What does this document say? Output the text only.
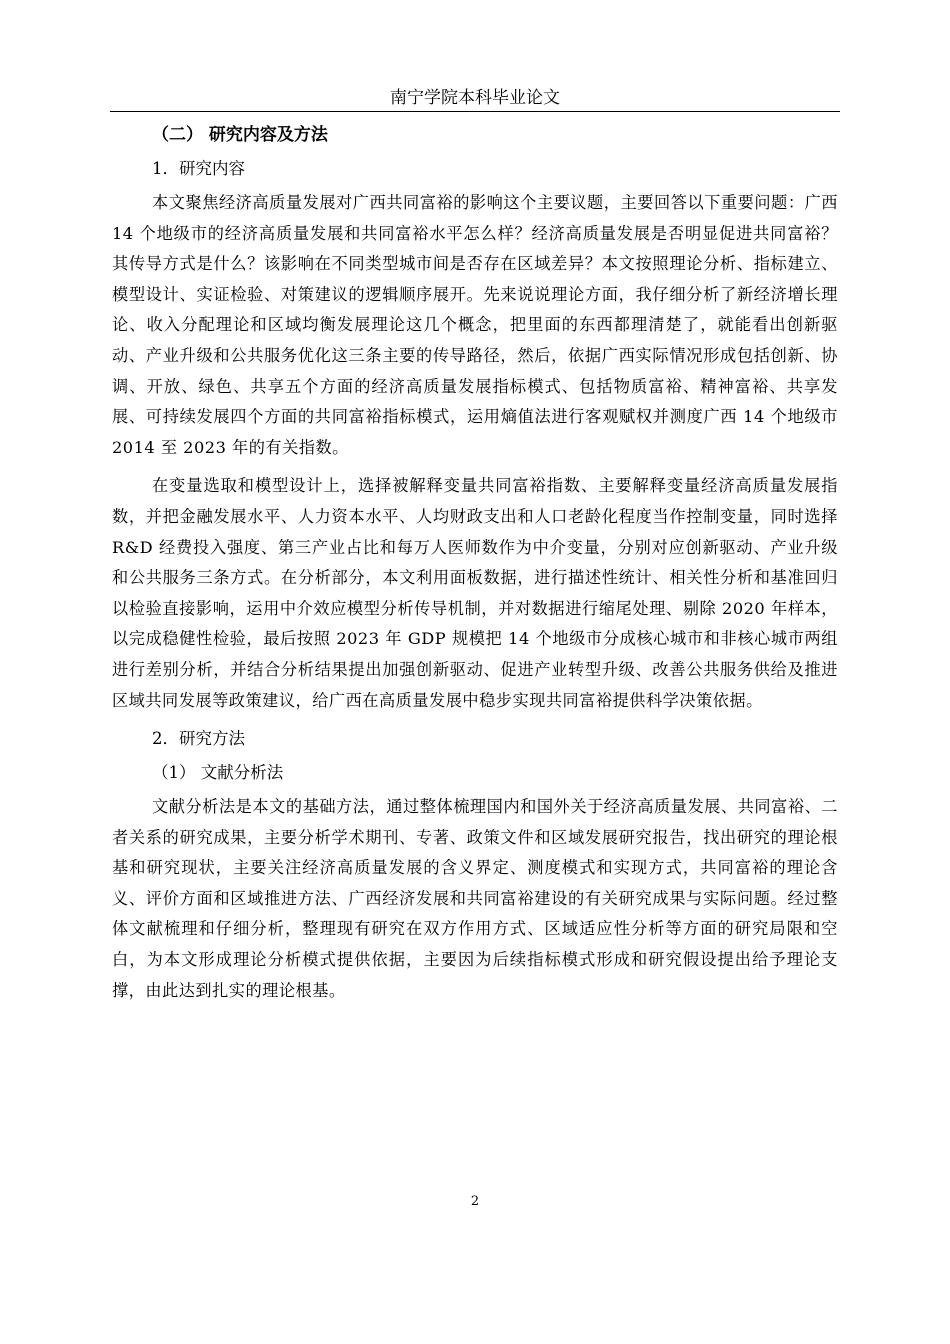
南宁学院本科毕业论文
（二） 研究内容及方法
1．研究内容

本文聚焦经济高质量发展对广西共同富裕的影响这个主要议题，主要回答以下重要问题：广西 14 个地级市的经济高质量发展和共同富裕水平怎么样？经济高质量发展是否明显促进共同富裕？其传导方式是什么？该影响在不同类型城市间是否存在区域差异？本文按照理论分析、指标建立、模型设计、实证检验、对策建议的逻辑顺序展开。先来说说理论方面，我仔细分析了新经济增长理论、收入分配理论和区域均衡发展理论这几个概念，把里面的东西都理清楚了，就能看出创新驱动、产业升级和公共服务优化这三条主要的传导路径，然后，依据广西实际情况形成包括创新、协调、开放、绿色、共享五个方面的经济高质量发展指标模式、包括物质富裕、精神富裕、共享发展、可持续发展四个方面的共同富裕指标模式，运用熵值法进行客观赋权并测度广西 14 个地级市 2014 至 2023 年的有关指数。

在变量选取和模型设计上，选择被解释变量共同富裕指数、主要解释变量经济高质量发展指数，并把金融发展水平、人力资本水平、人均财政支出和人口老龄化程度当作控制变量，同时选择 R&D 经费投入强度、第三产业占比和每万人医师数作为中介变量，分别对应创新驱动、产业升级和公共服务三条方式。在分析部分，本文利用面板数据，进行描述性统计、相关性分析和基准回归以检验直接影响，运用中介效应模型分析传导机制，并对数据进行缩尾处理、剔除 2020 年样本，以完成稳健性检验，最后按照 2023 年 GDP 规模把 14 个地级市分成核心城市和非核心城市两组进行差别分析，并结合分析结果提出加强创新驱动、促进产业转型升级、改善公共服务供给及推进区域共同发展等政策建议，给广西在高质量发展中稳步实现共同富裕提供科学决策依据。

2．研究方法
（1） 文献分析法

文献分析法是本文的基础方法，通过整体梳理国内和国外关于经济高质量发展、共同富裕、二者关系的研究成果，主要分析学术期刊、专著、政策文件和区域发展研究报告，找出研究的理论根基和研究现状，主要关注经济高质量发展的含义界定、测度模式和实现方式，共同富裕的理论含义、评价方面和区域推进方法、广西经济发展和共同富裕建设的有关研究成果与实际问题。经过整体文献梳理和仔细分析，整理现有研究在双方作用方式、区域适应性分析等方面的研究局限和空白，为本文形成理论分析模式提供依据，主要因为后续指标模式形成和研究假设提出给予理论支撑，由此达到扎实的理论根基。

2
